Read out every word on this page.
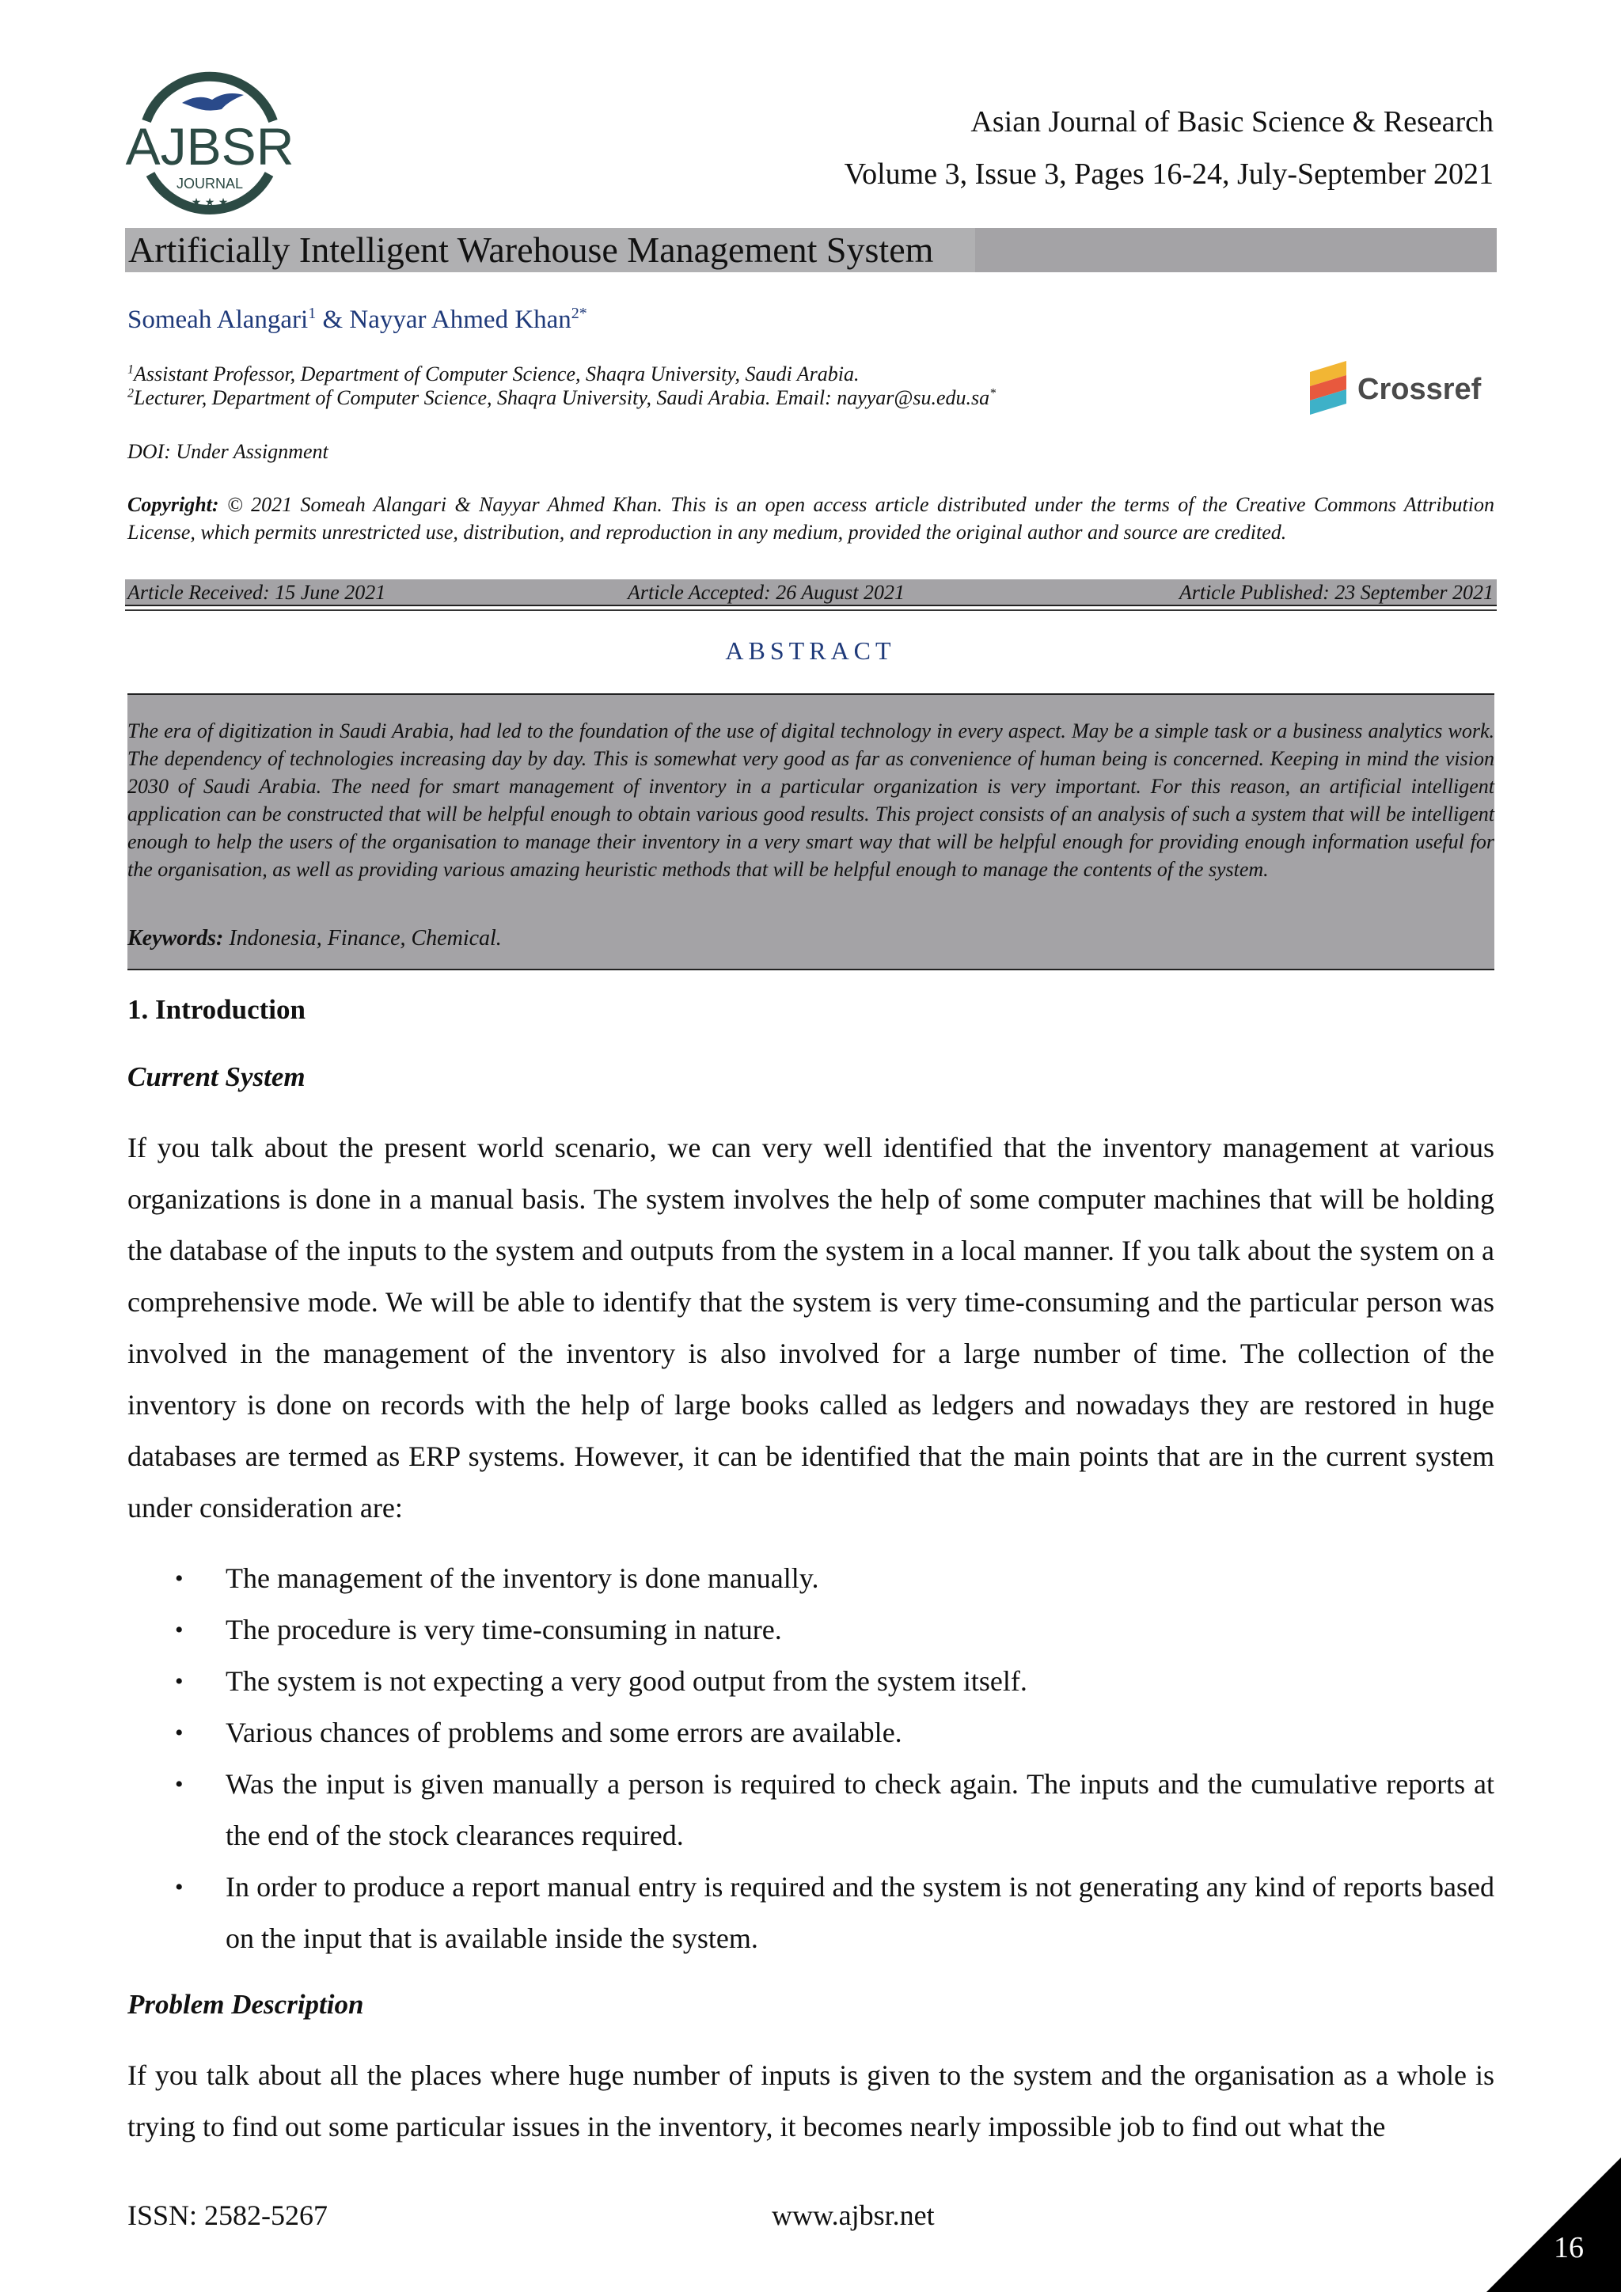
AJBSR
JOURNAL
★ ★ ★
Asian Journal of Basic Science & Research
Volume 3, Issue 3, Pages 16-24, July-September 2021
Artificially Intelligent Warehouse Management System
Someah Alangari$^1$ & Nayyar Ahmed Khan$^{2*}$
$^1$Assistant Professor, Department of Computer Science, Shaqra University, Saudi Arabia.
$^2$Lecturer, Department of Computer Science, Shaqra University, Saudi Arabia. Email: nayyar@su.edu.sa*	Crossref
DOI: Under Assignment
Copyright: © 2021 Someah Alangari & Nayyar Ahmed Khan. This is an open access article distributed under the terms of the Creative Commons Attribution License, which permits unrestricted use, distribution, and reproduction in any medium, provided the original author and source are credited.
Article Received: 15 June 2021	Article Accepted: 26 August 2021	Article Published: 23 September 2021
ABSTRACT
The era of digitization in Saudi Arabia, had led to the foundation of the use of digital technology in every aspect. May be a simple task or a business analytics work. The dependency of technologies increasing day by day. This is somewhat very good as far as convenience of human being is concerned. Keeping in mind the vision 2030 of Saudi Arabia. The need for smart management of inventory in a particular organization is very important. For this reason, an artificial intelligent application can be constructed that will be helpful enough to obtain various good results. This project consists of an analysis of such a system that will be intelligent enough to help the users of the organisation to manage their inventory in a very smart way that will be helpful enough for providing enough information useful for the organisation, as well as providing various amazing heuristic methods that will be helpful enough to manage the contents of the system.
Keywords: Indonesia, Finance, Chemical.
1. Introduction
Current System
If you talk about the present world scenario, we can very well identified that the inventory management at various organizations is done in a manual basis. The system involves the help of some computer machines that will be holding the database of the inputs to the system and outputs from the system in a local manner. If you talk about the system on a comprehensive mode. We will be able to identify that the system is very time-consuming and the particular person was involved in the management of the inventory is also involved for a large number of time. The collection of the inventory is done on records with the help of large books called as ledgers and nowadays they are restored in huge databases are termed as ERP systems. However, it can be identified that the main points that are in the current system under consideration are:
• The management of the inventory is done manually.
• The procedure is very time-consuming in nature.
• The system is not expecting a very good output from the system itself.
• Various chances of problems and some errors are available.
• Was the input is given manually a person is required to check again. The inputs and the cumulative reports at the end of the stock clearances required.
• In order to produce a report manual entry is required and the system is not generating any kind of reports based on the input that is available inside the system.
Problem Description
If you talk about all the places where huge number of inputs is given to the system and the organisation as a whole is trying to find out some particular issues in the inventory, it becomes nearly impossible job to find out what the
ISSN: 2582-5267	www.ajbsr.net
16
